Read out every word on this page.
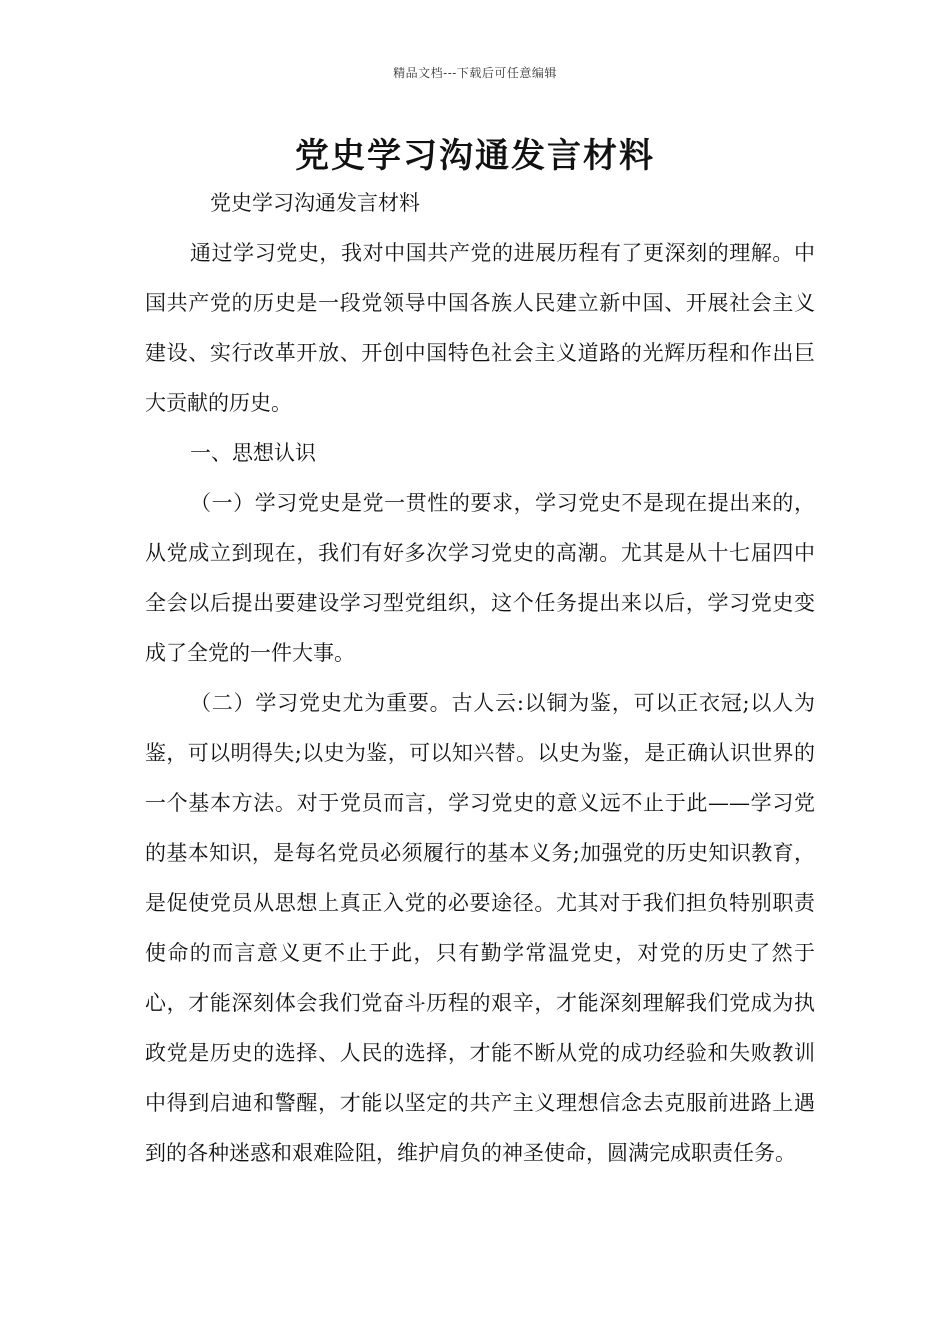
精品文档---下载后可任意编辑
党史学习沟通发言材料

党史学习沟通发言材料

通过学习党史，我对中国共产党的进展历程有了更深刻的理解。中国共产党的历史是一段党领导中国各族人民建立新中国、开展社会主义建设、实行改革开放、开创中国特色社会主义道路的光辉历程和作出巨大贡献的历史。

一、思想认识

（一）学习党史是党一贯性的要求，学习党史不是现在提出来的，从党成立到现在，我们有好多次学习党史的高潮。尤其是从十七届四中全会以后提出要建设学习型党组织，这个任务提出来以后，学习党史变成了全党的一件大事。

（二）学习党史尤为重要。古人云:以铜为鉴，可以正衣冠;以人为鉴，可以明得失;以史为鉴，可以知兴替。以史为鉴，是正确认识世界的一个基本方法。对于党员而言，学习党史的意义远不止于此——学习党的基本知识，是每名党员必须履行的基本义务;加强党的历史知识教育，是促使党员从思想上真正入党的必要途径。尤其对于我们担负特别职责使命的而言意义更不止于此，只有勤学常温党史，对党的历史了然于心，才能深刻体会我们党奋斗历程的艰辛，才能深刻理解我们党成为执政党是历史的选择、人民的选择，才能不断从党的成功经验和失败教训中得到启迪和警醒，才能以坚定的共产主义理想信念去克服前进路上遇到的各种迷惑和艰难险阻，维护肩负的神圣使命，圆满完成职责任务。
